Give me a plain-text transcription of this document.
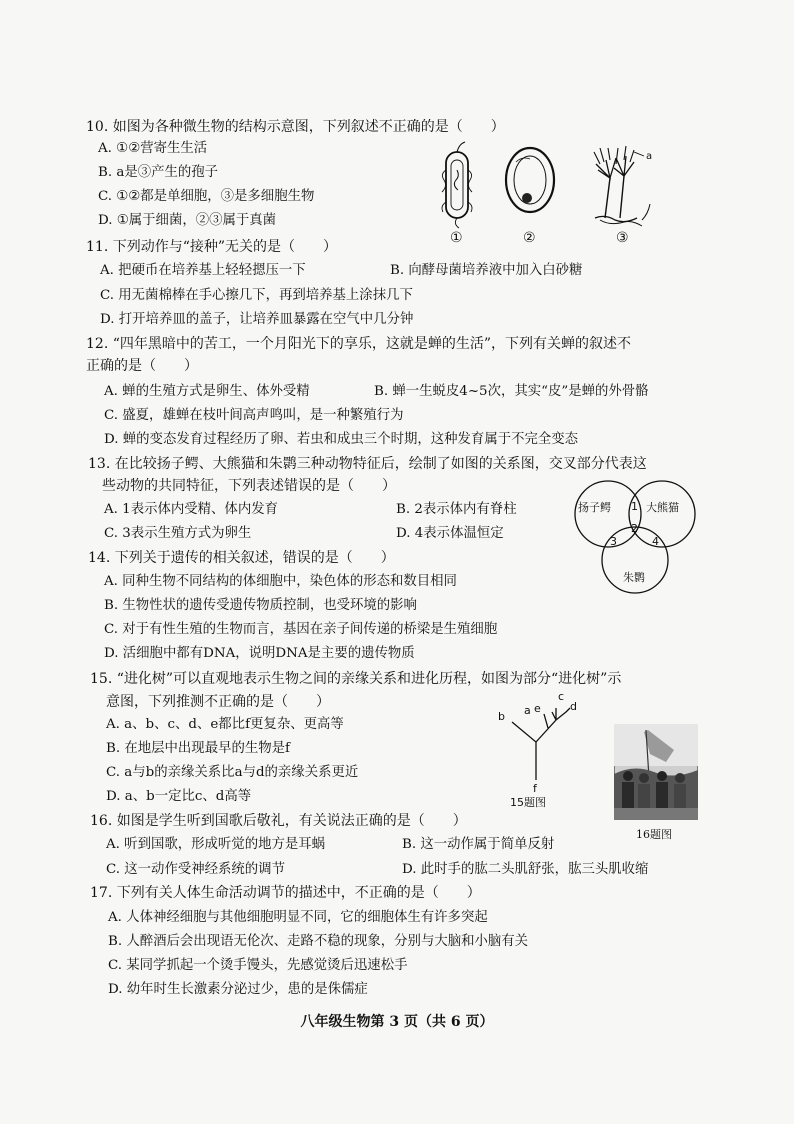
10. 如图为各种微生物的结构示意图，下列叙述不正确的是（　　）
A. ①②营寄生生活
B. a是③产生的孢子
C. ①②都是单细胞，③是多细胞生物
D. ①属于细菌，②③属于真菌
a
①	②	③
11. 下列动作与“接种”无关的是（　　）
A. 把硬币在培养基上轻轻摁压一下	B. 向酵母菌培养液中加入白砂糖
C. 用无菌棉棒在手心擦几下，再到培养基上涂抹几下
D. 打开培养皿的盖子，让培养皿暴露在空气中几分钟
12. “四年黑暗中的苦工，一个月阳光下的享乐，这就是蝉的生活”，下列有关蝉的叙述不
正确的是（　　）
A. 蝉的生殖方式是卵生、体外受精	B. 蝉一生蜕皮4~5次，其实“皮”是蝉的外骨骼
C. 盛夏，雄蝉在枝叶间高声鸣叫，是一种繁殖行为
D. 蝉的变态发育过程经历了卵、若虫和成虫三个时期，这种发育属于不完全变态
13. 在比较扬子鳄、大熊猫和朱鹮三种动物特征后，绘制了如图的关系图，交叉部分代表这
些动物的共同特征，下列表述错误的是（　　）
A. 1表示体内受精、体内发育	B. 2表示体内有脊柱
C. 3表示生殖方式为卵生	D. 4表示体温恒定
扬子鳄	大熊猫
朱鹮
1
2
3	4
14. 下列关于遗传的相关叙述，错误的是（　　）
A. 同种生物不同结构的体细胞中，染色体的形态和数目相同
B. 生物性状的遗传受遗传物质控制，也受环境的影响
C. 对于有性生殖的生物而言，基因在亲子间传递的桥梁是生殖细胞
D. 活细胞中都有DNA，说明DNA是主要的遗传物质
15. “进化树”可以直观地表示生物之间的亲缘关系和进化历程，如图为部分“进化树”示
意图，下列推测不正确的是（　　）
A. a、b、c、d、e都比f更复杂、更高等
B. 在地层中出现最早的生物是f
C. a与b的亲缘关系比a与d的亲缘关系更近
D. a、b一定比c、d高等
b a e
c
d
f
15题图
16题图
16. 如图是学生听到国歌后敬礼，有关说法正确的是（　　）
A. 听到国歌，形成听觉的地方是耳蜗	B. 这一动作属于简单反射
C. 这一动作受神经系统的调节	D. 此时手的肱二头肌舒张，肱三头肌收缩
17. 下列有关人体生命活动调节的描述中，不正确的是（　　）
A. 人体神经细胞与其他细胞明显不同，它的细胞体生有许多突起
B. 人醉酒后会出现语无伦次、走路不稳的现象，分别与大脑和小脑有关
C. 某同学抓起一个烫手馒头，先感觉烫后迅速松手
D. 幼年时生长激素分泌过少，患的是侏儒症
八年级生物第 3 页（共 6 页）
